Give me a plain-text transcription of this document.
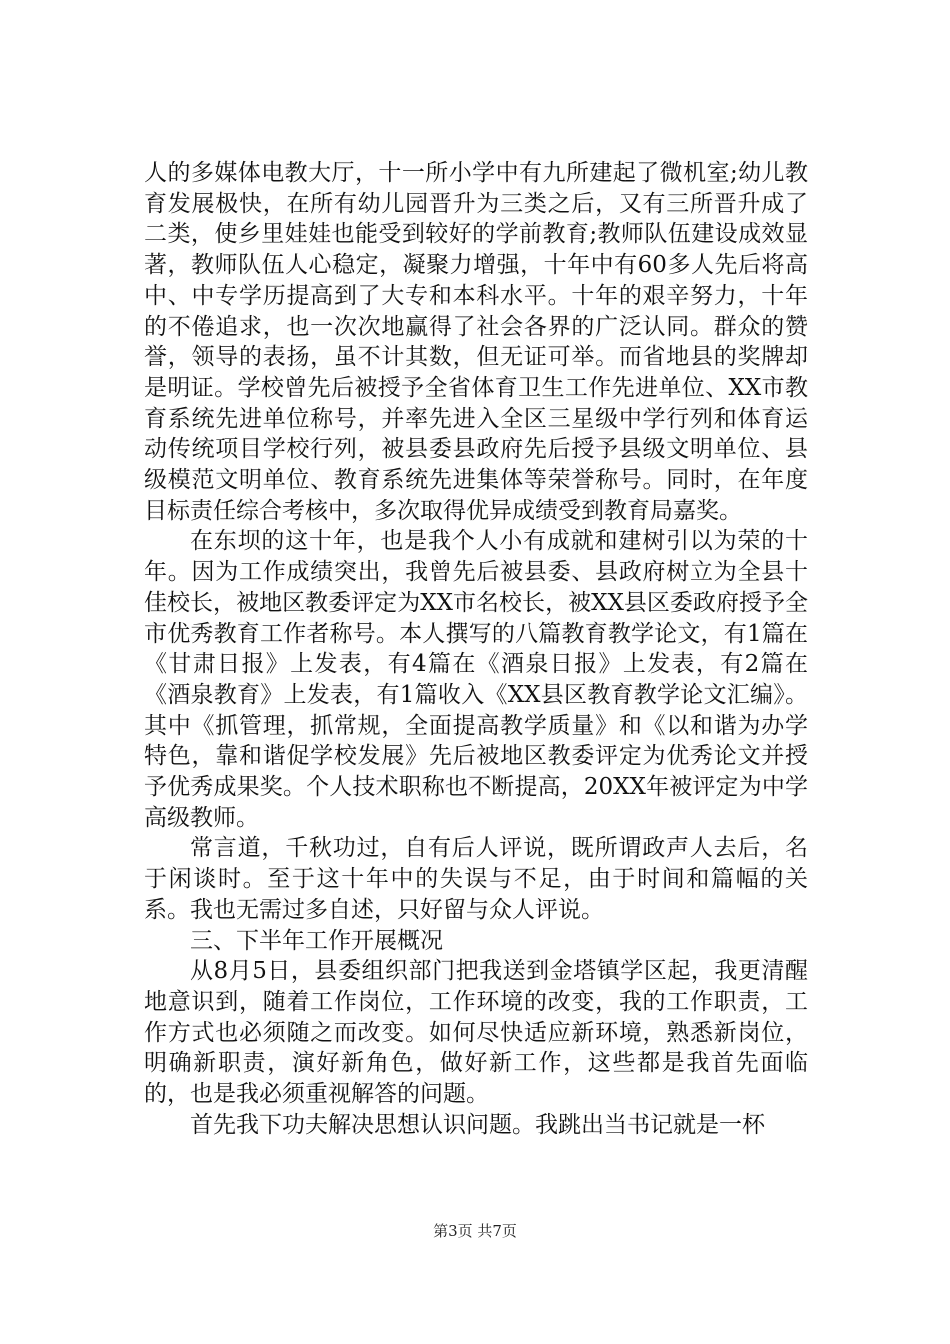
人的多媒体电教大厅，十一所小学中有九所建起了微机室;幼儿教育发展极快，在所有幼儿园晋升为三类之后，又有三所晋升成了二类，使乡里娃娃也能受到较好的学前教育;教师队伍建设成效显著，教师队伍人心稳定，凝聚力增强，十年中有60多人先后将高中、中专学历提高到了大专和本科水平。十年的艰辛努力，十年的不倦追求，也一次次地赢得了社会各界的广泛认同。群众的赞誉，领导的表扬，虽不计其数，但无证可举。而省地县的奖牌却是明证。学校曾先后被授予全省体育卫生工作先进单位、XX市教育系统先进单位称号，并率先进入全区三星级中学行列和体育运动传统项目学校行列，被县委县政府先后授予县级文明单位、县级模范文明单位、教育系统先进集体等荣誉称号。同时，在年度目标责任综合考核中，多次取得优异成绩受到教育局嘉奖。

在东坝的这十年，也是我个人小有成就和建树引以为荣的十年。因为工作成绩突出，我曾先后被县委、县政府树立为全县十佳校长，被地区教委评定为XX市名校长，被XX县区委政府授予全市优秀教育工作者称号。本人撰写的八篇教育教学论文，有1篇在《甘肃日报》上发表，有4篇在《酒泉日报》上发表，有2篇在《酒泉教育》上发表，有1篇收入《XX县区教育教学论文汇编》。其中《抓管理，抓常规，全面提高教学质量》和《以和谐为办学特色，靠和谐促学校发展》先后被地区教委评定为优秀论文并授予优秀成果奖。个人技术职称也不断提高，20XX年被评定为中学高级教师。

常言道，千秋功过，自有后人评说，既所谓政声人去后，名于闲谈时。至于这十年中的失误与不足，由于时间和篇幅的关系。我也无需过多自述，只好留与众人评说。

三、下半年工作开展概况

从8月5日，县委组织部门把我送到金塔镇学区起，我更清醒地意识到，随着工作岗位，工作环境的改变，我的工作职责，工作方式也必须随之而改变。如何尽快适应新环境，熟悉新岗位，明确新职责，演好新角色，做好新工作，这些都是我首先面临的，也是我必须重视解答的问题。

首先我下功夫解决思想认识问题。我跳出当书记就是一杯

第3页 共7页
